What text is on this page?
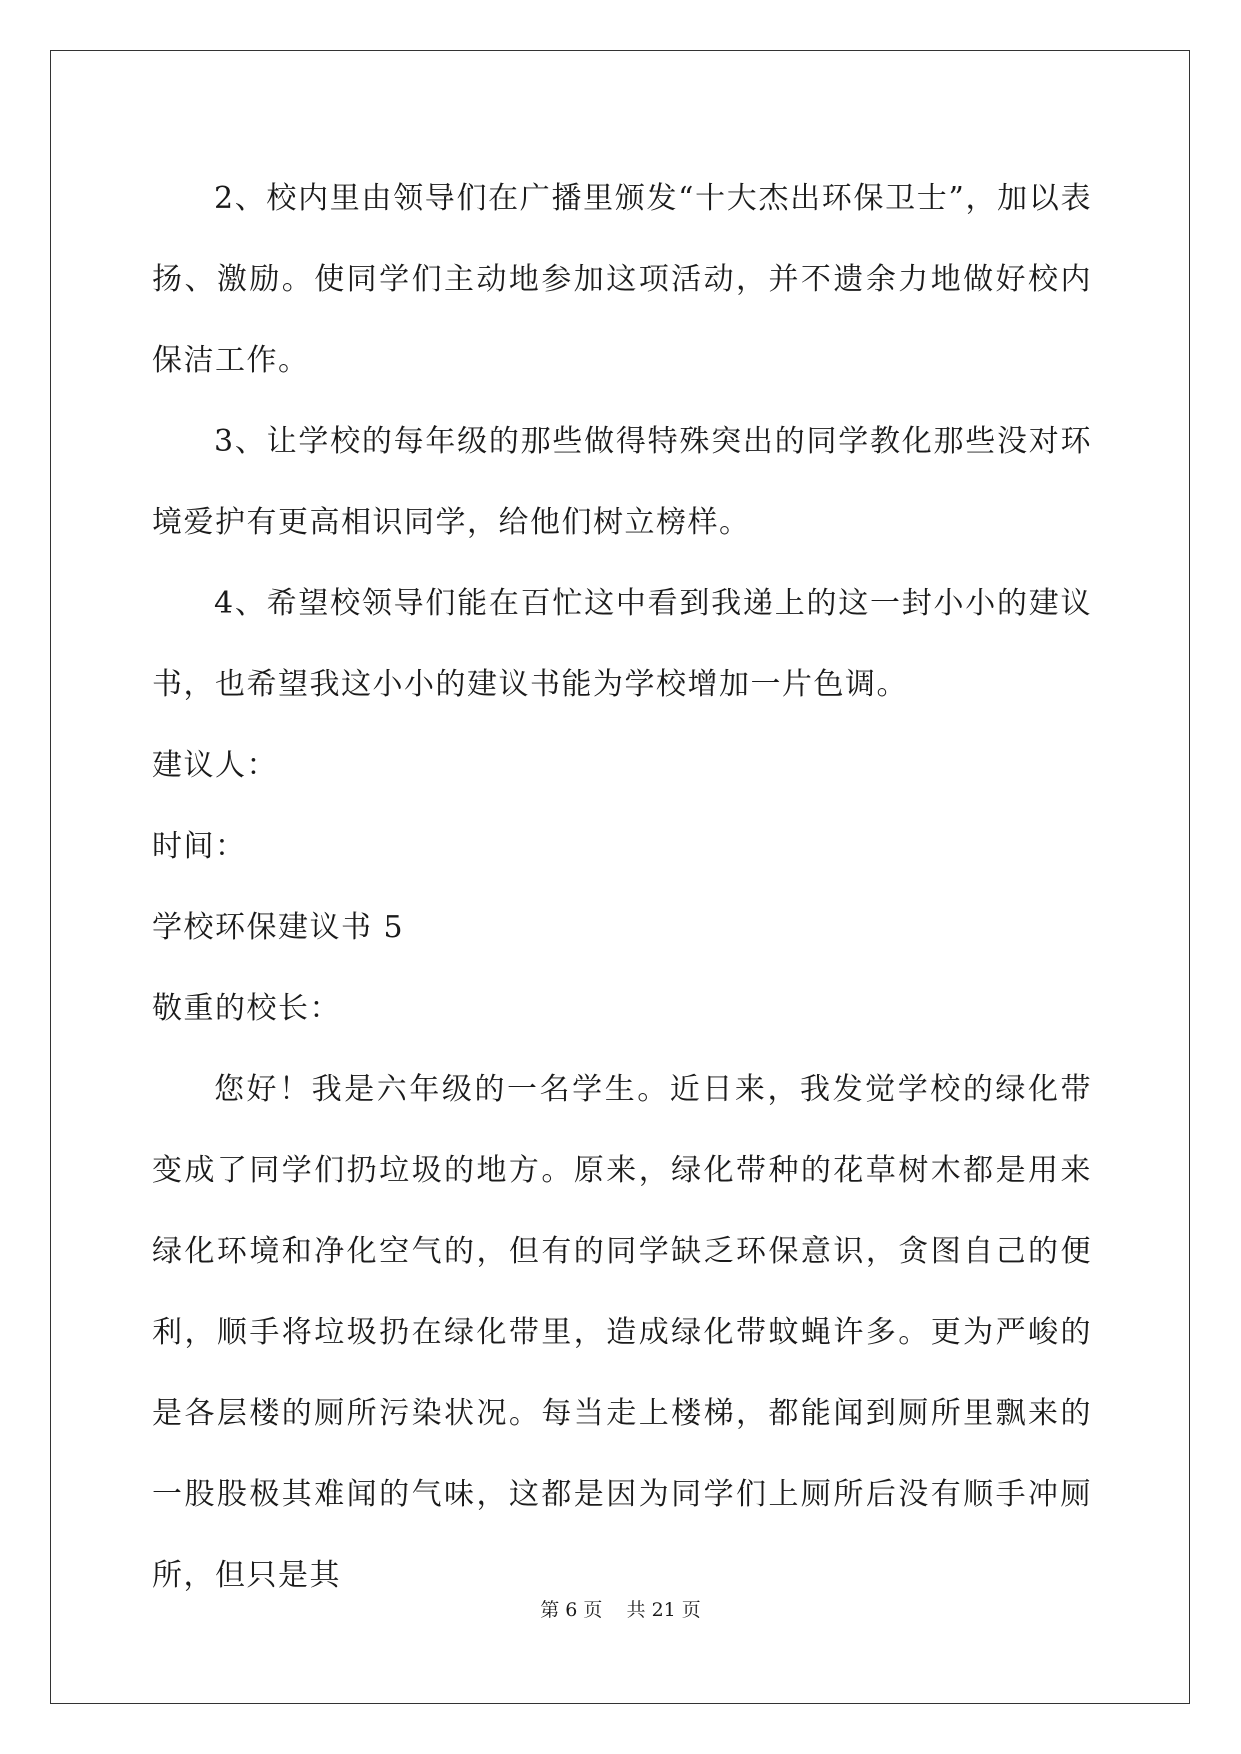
2、校内里由领导们在广播里颁发“十大杰出环保卫士”，加以表扬、激励。使同学们主动地参加这项活动，并不遗余力地做好校内保洁工作。

3、让学校的每年级的那些做得特殊突出的同学教化那些没对环境爱护有更高相识同学，给他们树立榜样。

4、希望校领导们能在百忙这中看到我递上的这一封小小的建议书，也希望我这小小的建议书能为学校增加一片色调。

建议人：

时间：

学校环保建议书 5

敬重的校长：

您好！我是六年级的一名学生。近日来，我发觉学校的绿化带变成了同学们扔垃圾的地方。原来，绿化带种的花草树木都是用来绿化环境和净化空气的，但有的同学缺乏环保意识，贪图自己的便利，顺手将垃圾扔在绿化带里，造成绿化带蚊蝇许多。更为严峻的是各层楼的厕所污染状况。每当走上楼梯，都能闻到厕所里飘来的一股股极其难闻的气味，这都是因为同学们上厕所后没有顺手冲厕所，但只是其

第 6 页 共 21 页
